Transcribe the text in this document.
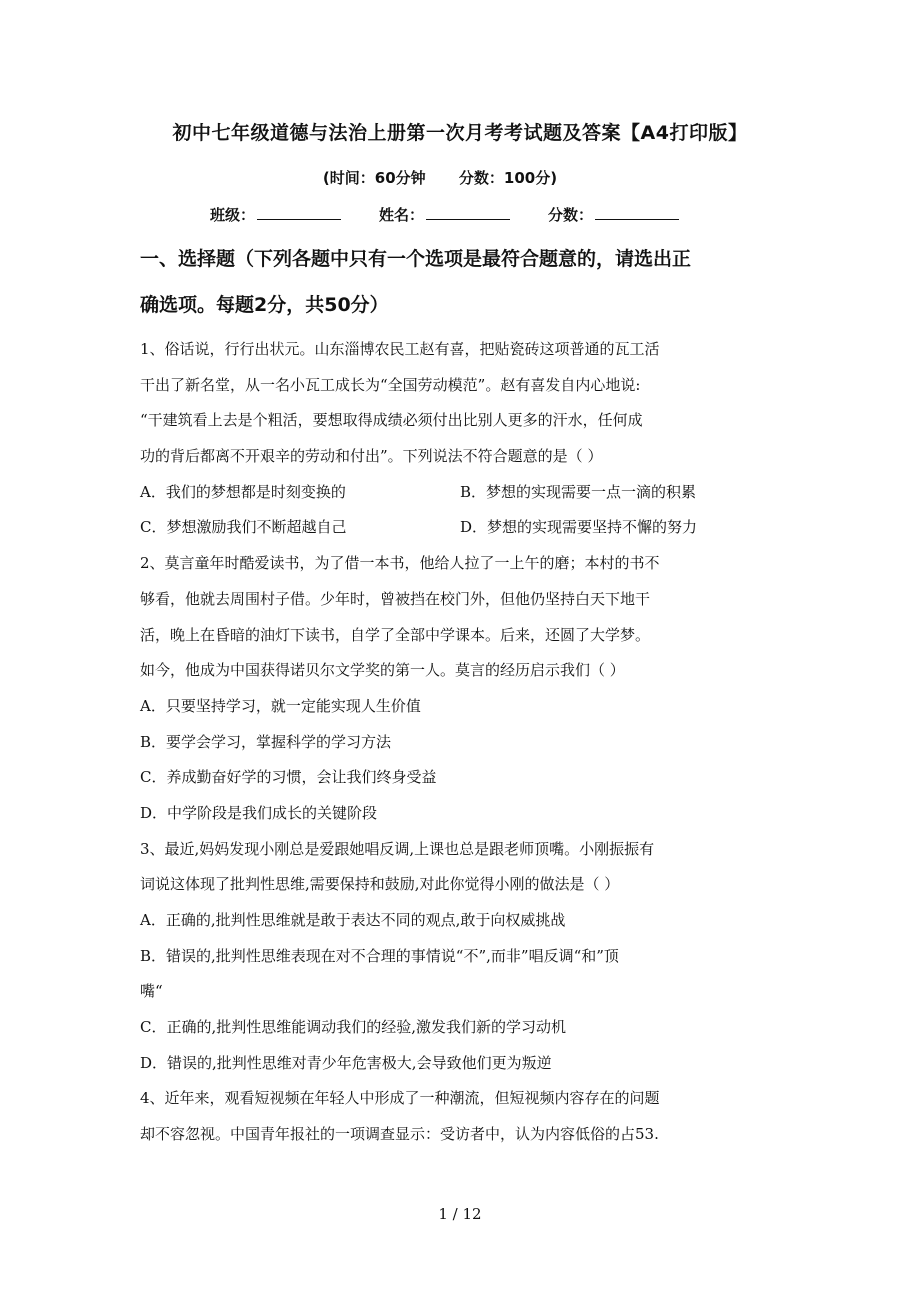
初中七年级道德与法治上册第一次月考考试题及答案【A4打印版】
(时间：60分钟 分数：100分)
班级：	姓名：	分数：
一、选择题（下列各题中只有一个选项是最符合题意的，请选出正
确选项。每题2分，共50分）
1、俗话说，行行出状元。山东淄博农民工赵有喜，把贴瓷砖这项普通的瓦工活
干出了新名堂，从一名小瓦工成长为“全国劳动模范”。赵有喜发自内心地说:
“干建筑看上去是个粗活，要想取得成绩必须付出比别人更多的汗水，任何成
功的背后都离不开艰辛的劳动和付出”。下列说法不符合题意的是（ ）
A．我们的梦想都是时刻变换的	B．梦想的实现需要一点一滴的积累
C．梦想激励我们不断超越自己	D．梦想的实现需要坚持不懈的努力
2、莫言童年时酷爱读书，为了借一本书，他给人拉了一上午的磨；本村的书不
够看，他就去周围村子借。少年时，曾被挡在校门外，但他仍坚持白天下地干
活，晚上在昏暗的油灯下读书，自学了全部中学课本。后来，还圆了大学梦。
如今，他成为中国获得诺贝尔文学奖的第一人。莫言的经历启示我们（ ）
A．只要坚持学习，就一定能实现人生价值
B．要学会学习，掌握科学的学习方法
C．养成勤奋好学的习惯，会让我们终身受益
D．中学阶段是我们成长的关键阶段
3、最近,妈妈发现小刚总是爱跟她唱反调,上课也总是跟老师顶嘴。小刚振振有
词说这体现了批判性思维,需要保持和鼓励,对此你觉得小刚的做法是（ ）
A．正确的,批判性思维就是敢于表达不同的观点,敢于向权威挑战
B．错误的,批判性思维表现在对不合理的事情说“不”,而非”唱反调“和”顶
嘴“
C．正确的,批判性思维能调动我们的经验,激发我们新的学习动机
D．错误的,批判性思维对青少年危害极大,会导致他们更为叛逆
4、近年来，观看短视频在年轻人中形成了一种潮流，但短视频内容存在的问题
却不容忽视。中国青年报社的一项调查显示：受访者中，认为内容低俗的占53.
1 / 12
